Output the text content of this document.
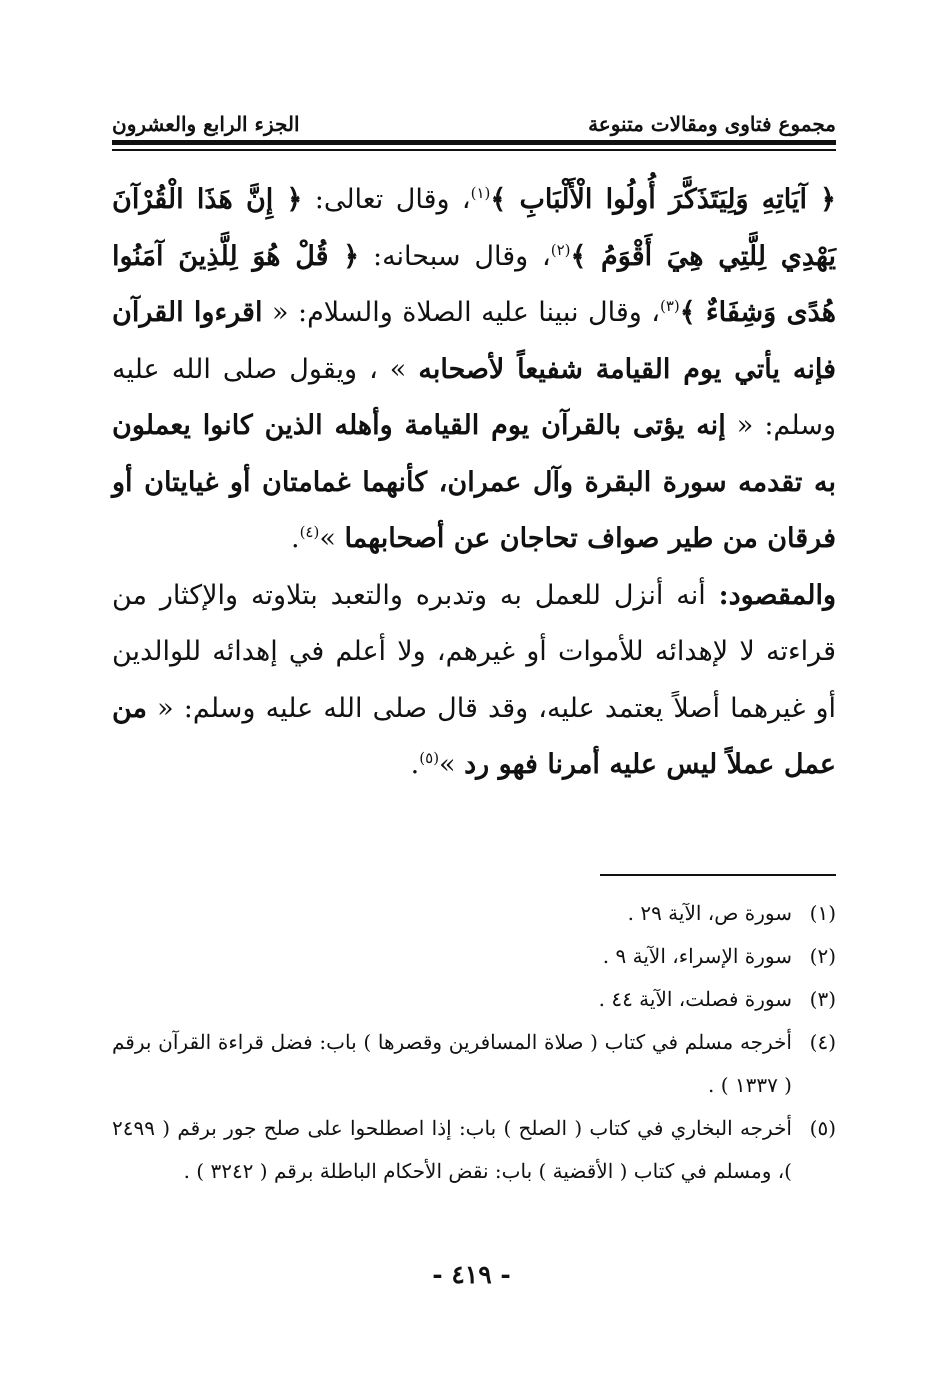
مجموع فتاوى ومقالات متنوعة
الجزء الرابع والعشرون

﴿ آيَاتِهِ وَلِيَتَذَكَّرَ أُولُوا الْأَلْبَابِ ﴾$^{(١)}$، وقال تعالى: ﴿ إِنَّ هَذَا الْقُرْآنَ يَهْدِي لِلَّتِي هِيَ أَقْوَمُ ﴾$^{(٢)}$، وقال سبحانه: ﴿ قُلْ هُوَ لِلَّذِينَ آمَنُوا هُدًى وَشِفَاءٌ ﴾$^{(٣)}$، وقال نبينا عليه الصلاة والسلام: « اقرءوا القرآن فإنه يأتي يوم القيامة شفيعاً لأصحابه » ، ويقول صلى الله عليه وسلم: « إنه يؤتى بالقرآن يوم القيامة وأهله الذين كانوا يعملون به تقدمه سورة البقرة وآل عمران، كأنهما غمامتان أو غيايتان أو فرقان من طير صواف تحاجان عن أصحابهما »$^{(٤)}$.

والمقصود: أنه أنزل للعمل به وتدبره والتعبد بتلاوته والإكثار من قراءته لا لإهدائه للأموات أو غيرهم، ولا أعلم في إهدائه للوالدين أو غيرهما أصلاً يعتمد عليه، وقد قال صلى الله عليه وسلم: « من عمل عملاً ليس عليه أمرنا فهو رد »$^{(٥)}$.

(١)
سورة ص، الآية ٢٩ .
(٢)
سورة الإسراء، الآية ٩ .
(٣)
سورة فصلت، الآية ٤٤ .
(٤)
أخرجه مسلم في كتاب ( صلاة المسافرين وقصرها ) باب: فضل قراءة القرآن برقم ( ١٣٣٧ ) .
(٥)
أخرجه البخاري في كتاب ( الصلح ) باب: إذا اصطلحوا على صلح جور برقم ( ٢٤٩٩ )، ومسلم في كتاب ( الأقضية ) باب: نقض الأحكام الباطلة برقم ( ٣٢٤٢ ) .
- ٤١٩ -
